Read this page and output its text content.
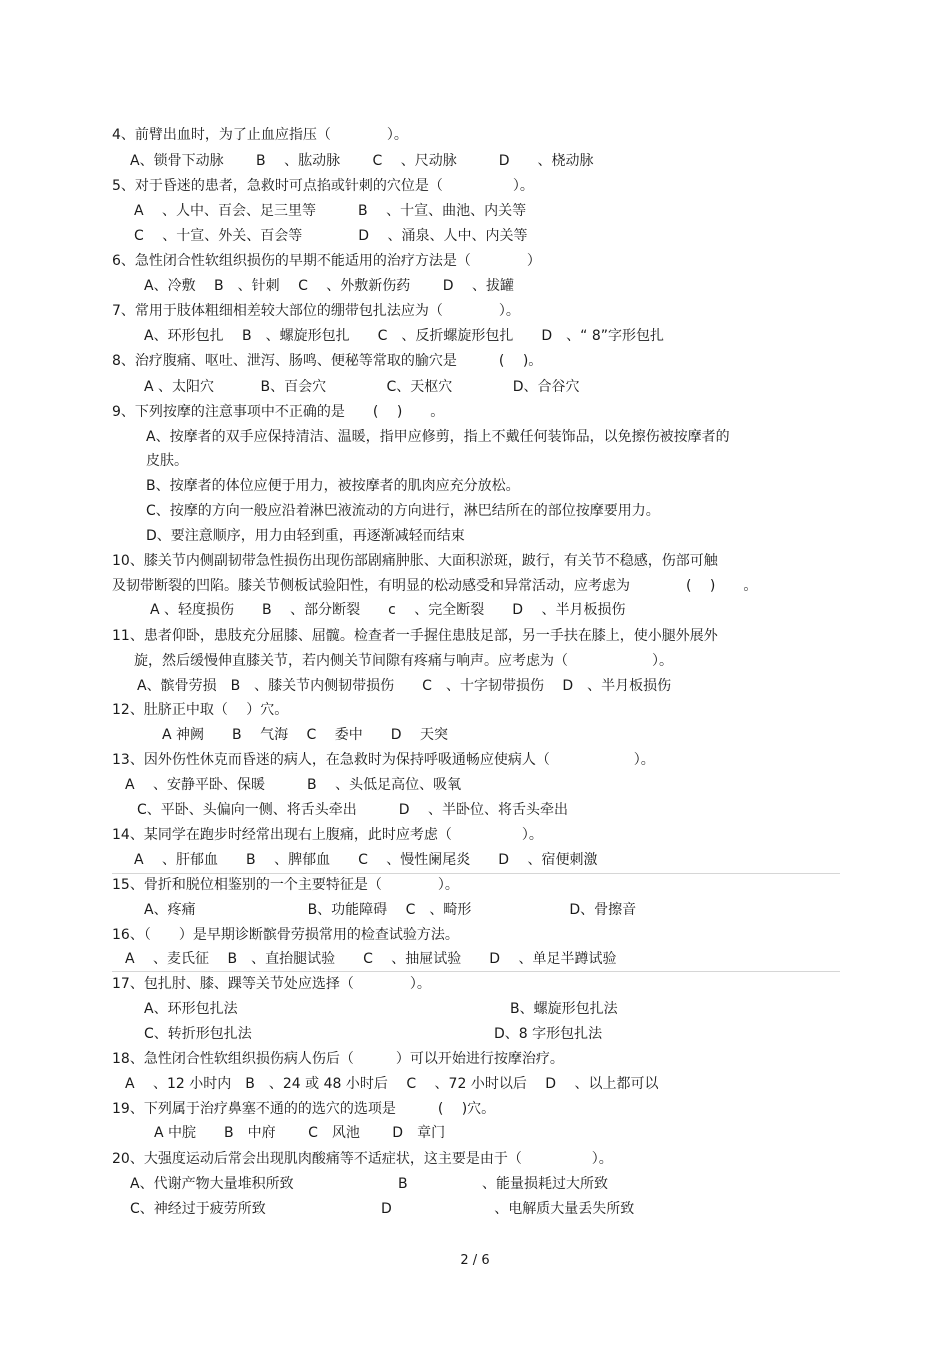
4、前臂出血时，为了止血应指压（　　　　）。
A、锁骨下动脉　　 B　 、肱动脉　　 C　 、尺动脉　　　D　　、桡动脉
5、对于昏迷的患者，急救时可点掐或针刺的穴位是（　　　　　）。
A　 、人中、百会、足三里等　　　B　 、十宣、曲池、内关等
C　 、十宣、外关、百会等　　　　D　 、涌泉、人中、内关等
6、急性闭合性软组织损伤的早期不能适用的治疗方法是（　　　　）
A、冷敷　 B　、针刺　 C　 、外敷新伤药　　 D　 、拔罐
7、常用于肢体粗细相差较大部位的绷带包扎法应为（　　　　）。
A、环形包扎　 B　、螺旋形包扎　　C　、反折螺旋形包扎　　D　、“ 8”字形包扎
8、治疗腹痛、呕吐、泄泻、肠鸣、便秘等常取的腧穴是　　　(　 )。
A 、太阳穴　　　 B、百会穴　　　　 C、天枢穴　　　　 D、合谷穴
9、下列按摩的注意事项中不正确的是　　(　 )　　。
A、按摩者的双手应保持清洁、温暖，指甲应修剪，指上不戴任何装饰品，以免擦伤被按摩者的
皮肤。
B、按摩者的体位应便于用力，被按摩者的肌肉应充分放松。
C、按摩的方向一般应沿着淋巴液流动的方向进行，淋巴结所在的部位按摩要用力。
D、要注意顺序，用力由轻到重，再逐渐减轻而结束
10、膝关节内侧副韧带急性损伤出现伤部剧痛肿胀、大面积淤斑，跛行，有关节不稳感，伤部可触
及韧带断裂的凹陷。膝关节侧板试验阳性，有明显的松动感受和异常活动，应考虑为　　　　(　 )　　。
A 、轻度损伤　　B　 、部分断裂　　c　 、完全断裂　　D　 、半月板损伤
11、患者仰卧，患肢充分屈膝、屈髋。检查者一手握住患肢足部，另一手扶在膝上，使小腿外展外
旋，然后缓慢伸直膝关节，若内侧关节间隙有疼痛与响声。应考虑为（　　　　　　）。
A、髌骨劳损　B　、膝关节内侧韧带损伤　　C　、十字韧带损伤　 D　、半月板损伤
12、肚脐正中取（　 ）穴。
A 神阙　　B　 气海　 C　 委中　　D　 天突
13、因外伤性休克而昏迷的病人，在急救时为保持呼吸通畅应使病人（　　　　　　）。
A　 、安静平卧、保暖　　　B　 、头低足高位、吸氧
C、平卧、头偏向一侧、将舌头牵出　　　D　 、半卧位、将舌头牵出
14、某同学在跑步时经常出现右上腹痛，此时应考虑（　　　　　）。
A　 、肝郁血　　B　 、脾郁血　　C　 、慢性阑尾炎　　D　 、宿便刺激
15、骨折和脱位相鉴别的一个主要特征是（　　　　）。
A、疼痛　　　　　　　　B、功能障碍　 C　、畸形　　　　　　　D、骨擦音
16、（　　）是早期诊断髌骨劳损常用的检查试验方法。
A　 、麦氏征　 B　、直抬腿试验　　C　 、抽屉试验　　D　 、单足半蹲试验
17、包扎肘、膝、踝等关节处应选择（　　　　）。
A、环形包扎法	B、螺旋形包扎法
C、转折形包扎法	D、8 字形包扎法
18、急性闭合性软组织损伤病人伤后（　　　）可以开始进行按摩治疗。
A　 、12 小时内　B　、24 或 48 小时后　 C　 、72 小时以后　 D　 、以上都可以
19、下列属于治疗鼻塞不通的的选穴的选项是　　　(　 )穴。
A 中脘　　B　中府　　 C　风池　　 D　章门
20、大强度运动后常会出现肌肉酸痛等不适症状，这主要是由于（　　　　　）。
A、代谢产物大量堆积所致	B　　　　　 、能量损耗过大所致
C、神经过于疲劳所致	D　　　　　　　 、电解质大量丢失所致
2 / 6
